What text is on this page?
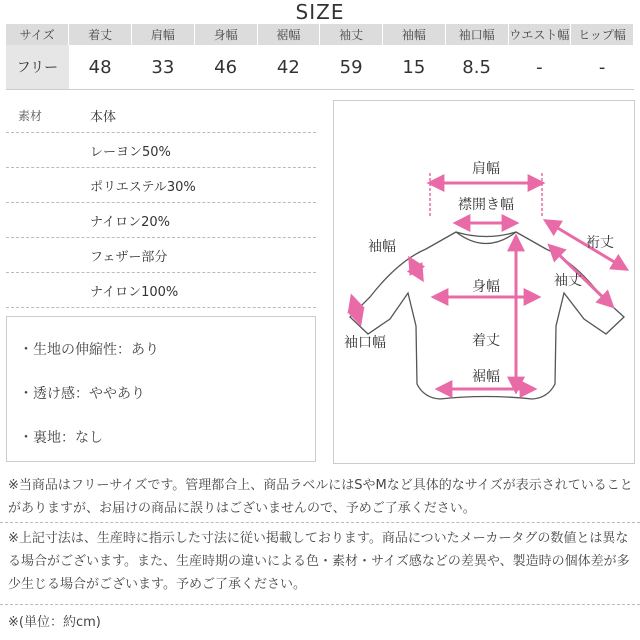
SIZE
サイズ	着丈	肩幅	身幅	裾幅	袖丈	袖幅	袖口幅	ウエスト幅	ヒップ幅
フリー	48	33	46	42	59	15	8.5	-	-
素材	本体
レーヨン50%
ポリエステル30%
ナイロン20%
フェザー部分
ナイロン100%
・生地の伸縮性：あり
・透け感：ややあり
・裏地：なし
肩幅
襟開き幅
裄丈
袖幅
袖丈
身幅
袖口幅	着丈
裾幅
※当商品はフリーサイズです。管理都合上、商品ラベルにはSやMなど具体的なサイズが表示されていることがありますが、お届けの商品に誤りはございませんので、予めご了承ください。
※上記寸法は、生産時に指示した寸法に従い掲載しております。商品についたメーカータグの数値とは異なる場合がございます。また、生産時期の違いによる色・素材・サイズ感などの差異や、製造時の個体差が多少生じる場合がございます。予めご了承ください。
※(単位：約cm)
